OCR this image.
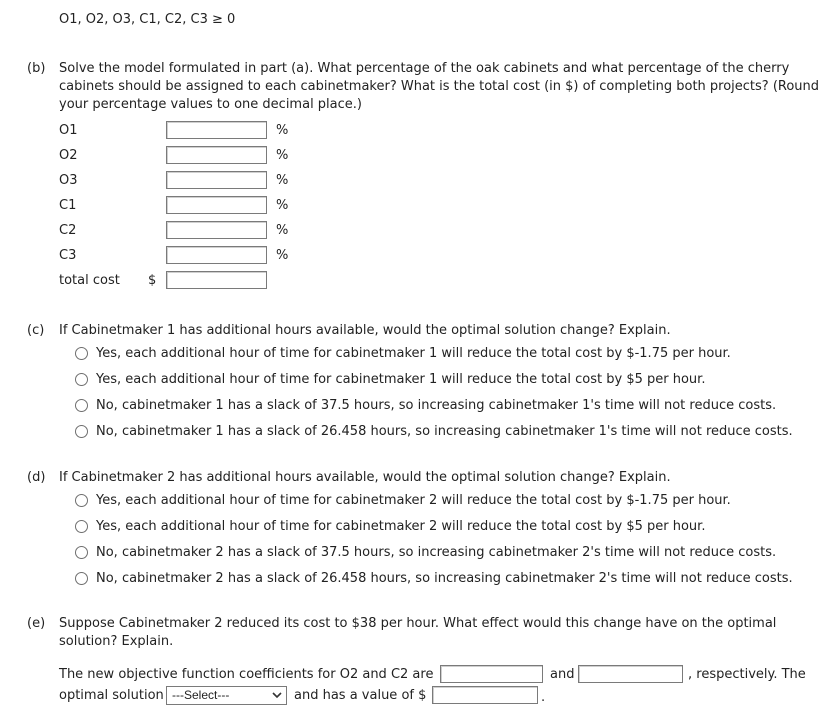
O1, O2, O3, C1, C2, C3 ≥ 0
(b) Solve the model formulated in part (a). What percentage of the oak cabinets and what percentage of the cherry
cabinets should be assigned to each cabinetmaker? What is the total cost (in $) of completing both projects? (Round
your percentage values to one decimal place.)
O1	%
O2	%
O3	%
C1	%
C2	%
C3	%
total cost $
(c) If Cabinetmaker 1 has additional hours available, would the optimal solution change? Explain.
Yes, each additional hour of time for cabinetmaker 1 will reduce the total cost by $-1.75 per hour.
Yes, each additional hour of time for cabinetmaker 1 will reduce the total cost by $5 per hour.
No, cabinetmaker 1 has a slack of 37.5 hours, so increasing cabinetmaker 1's time will not reduce costs.
No, cabinetmaker 1 has a slack of 26.458 hours, so increasing cabinetmaker 1's time will not reduce costs.
(d) If Cabinetmaker 2 has additional hours available, would the optimal solution change? Explain.
Yes, each additional hour of time for cabinetmaker 2 will reduce the total cost by $-1.75 per hour.
Yes, each additional hour of time for cabinetmaker 2 will reduce the total cost by $5 per hour.
No, cabinetmaker 2 has a slack of 37.5 hours, so increasing cabinetmaker 2's time will not reduce costs.
No, cabinetmaker 2 has a slack of 26.458 hours, so increasing cabinetmaker 2's time will not reduce costs.
(e) Suppose Cabinetmaker 2 reduced its cost to $38 per hour. What effect would this change have on the optimal
solution? Explain.
The new objective function coefficients for O2 and C2 are	and	, respectively. The
optimal solution ---Select---	and has a value of $	.
